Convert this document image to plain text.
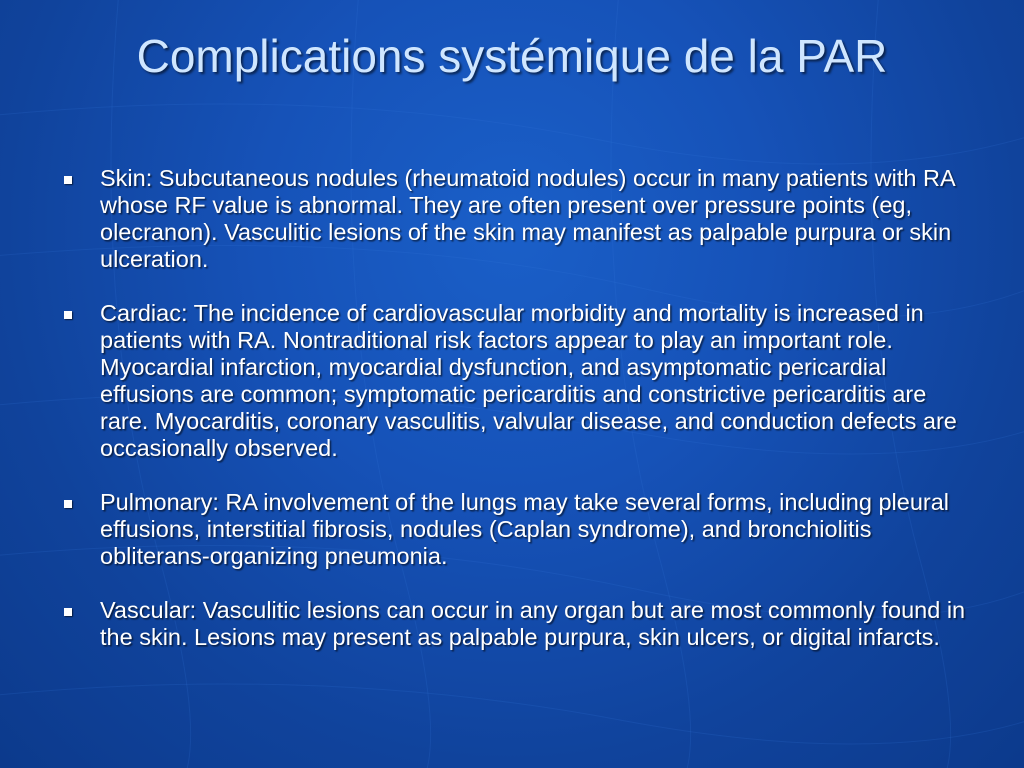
Complications systémique de la PAR
Skin: Subcutaneous nodules (rheumatoid nodules) occur in many patients with RA whose RF value is abnormal. They are often present over pressure points (eg, olecranon). Vasculitic lesions of the skin may manifest as palpable purpura or skin ulceration.
Cardiac: The incidence of cardiovascular morbidity and mortality is increased in patients with RA. Nontraditional risk factors appear to play an important role. Myocardial infarction, myocardial dysfunction, and asymptomatic pericardial effusions are common; symptomatic pericarditis and constrictive pericarditis are rare. Myocarditis, coronary vasculitis, valvular disease, and conduction defects are occasionally observed.
Pulmonary: RA involvement of the lungs may take several forms, including pleural effusions, interstitial fibrosis, nodules (Caplan syndrome), and bronchiolitis obliterans-organizing pneumonia.
Vascular: Vasculitic lesions can occur in any organ but are most commonly found in the skin. Lesions may present as palpable purpura, skin ulcers, or digital infarcts.
